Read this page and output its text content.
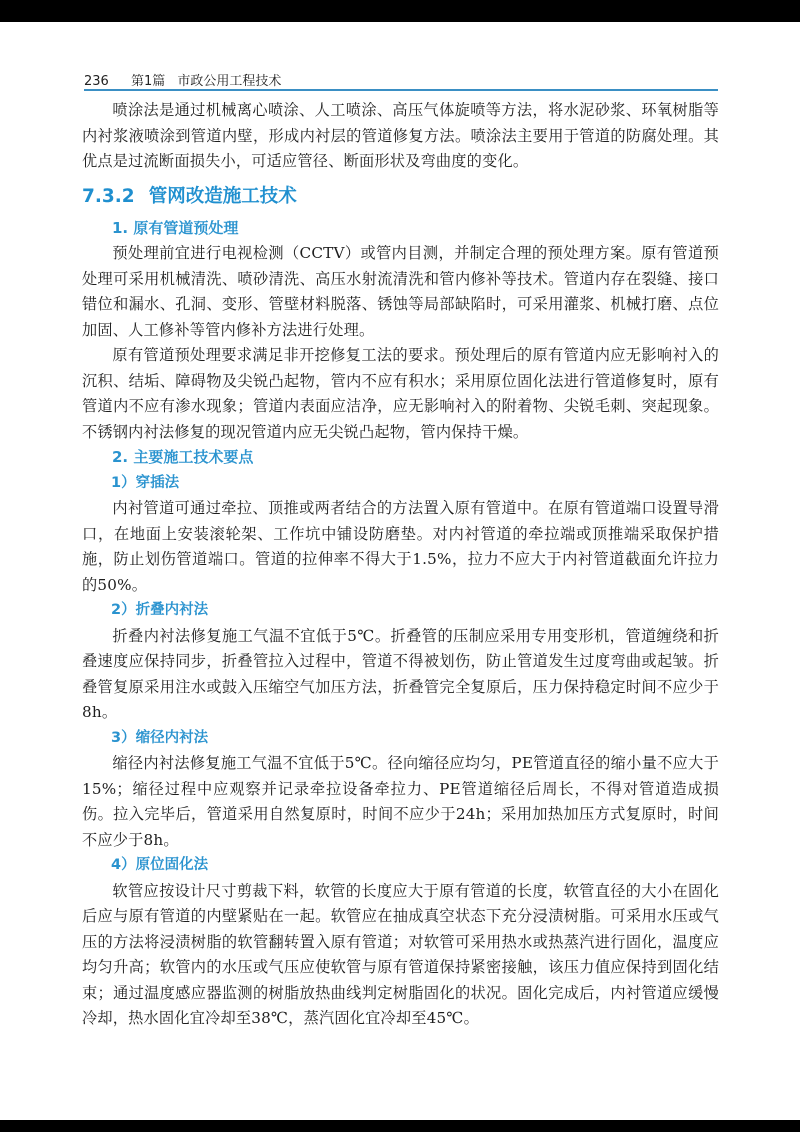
236 第1篇 市政公用工程技术

喷涂法是通过机械离心喷涂、人工喷涂、高压气体旋喷等方法，将水泥砂浆、环氧树脂等内衬浆液喷涂到管道内壁，形成内衬层的管道修复方法。喷涂法主要用于管道的防腐处理。其优点是过流断面损失小，可适应管径、断面形状及弯曲度的变化。

7.3.2 管网改造施工技术
1. 原有管道预处理

预处理前宜进行电视检测（CCTV）或管内目测，并制定合理的预处理方案。原有管道预处理可采用机械清洗、喷砂清洗、高压水射流清洗和管内修补等技术。管道内存在裂缝、接口错位和漏水、孔洞、变形、管壁材料脱落、锈蚀等局部缺陷时，可采用灌浆、机械打磨、点位加固、人工修补等管内修补方法进行处理。

原有管道预处理要求满足非开挖修复工法的要求。预处理后的原有管道内应无影响衬入的沉积、结垢、障碍物及尖锐凸起物，管内不应有积水；采用原位固化法进行管道修复时，原有管道内不应有渗水现象；管道内表面应洁净，应无影响衬入的附着物、尖锐毛刺、突起现象。不锈钢内衬法修复的现况管道内应无尖锐凸起物，管内保持干燥。

2. 主要施工技术要点
1）穿插法

内衬管道可通过牵拉、顶推或两者结合的方法置入原有管道中。在原有管道端口设置导滑口，在地面上安装滚轮架、工作坑中铺设防磨垫。对内衬管道的牵拉端或顶推端采取保护措施，防止划伤管道端口。管道的拉伸率不得大于1.5%，拉力不应大于内衬管道截面允许拉力的50%。

2）折叠内衬法

折叠内衬法修复施工气温不宜低于5℃。折叠管的压制应采用专用变形机，管道缠绕和折叠速度应保持同步，折叠管拉入过程中，管道不得被划伤，防止管道发生过度弯曲或起皱。折叠管复原采用注水或鼓入压缩空气加压方法，折叠管完全复原后，压力保持稳定时间不应少于8h。

3）缩径内衬法

缩径内衬法修复施工气温不宜低于5℃。径向缩径应均匀，PE管道直径的缩小量不应大于15%；缩径过程中应观察并记录牵拉设备牵拉力、PE管道缩径后周长，不得对管道造成损伤。拉入完毕后，管道采用自然复原时，时间不应少于24h；采用加热加压方式复原时，时间不应少于8h。

4）原位固化法

软管应按设计尺寸剪裁下料，软管的长度应大于原有管道的长度，软管直径的大小在固化后应与原有管道的内壁紧贴在一起。软管应在抽成真空状态下充分浸渍树脂。可采用水压或气压的方法将浸渍树脂的软管翻转置入原有管道；对软管可采用热水或热蒸汽进行固化，温度应均匀升高；软管内的水压或气压应使软管与原有管道保持紧密接触，该压力值应保持到固化结束；通过温度感应器监测的树脂放热曲线判定树脂固化的状况。固化完成后，内衬管道应缓慢冷却，热水固化宜冷却至38℃，蒸汽固化宜冷却至45℃。
